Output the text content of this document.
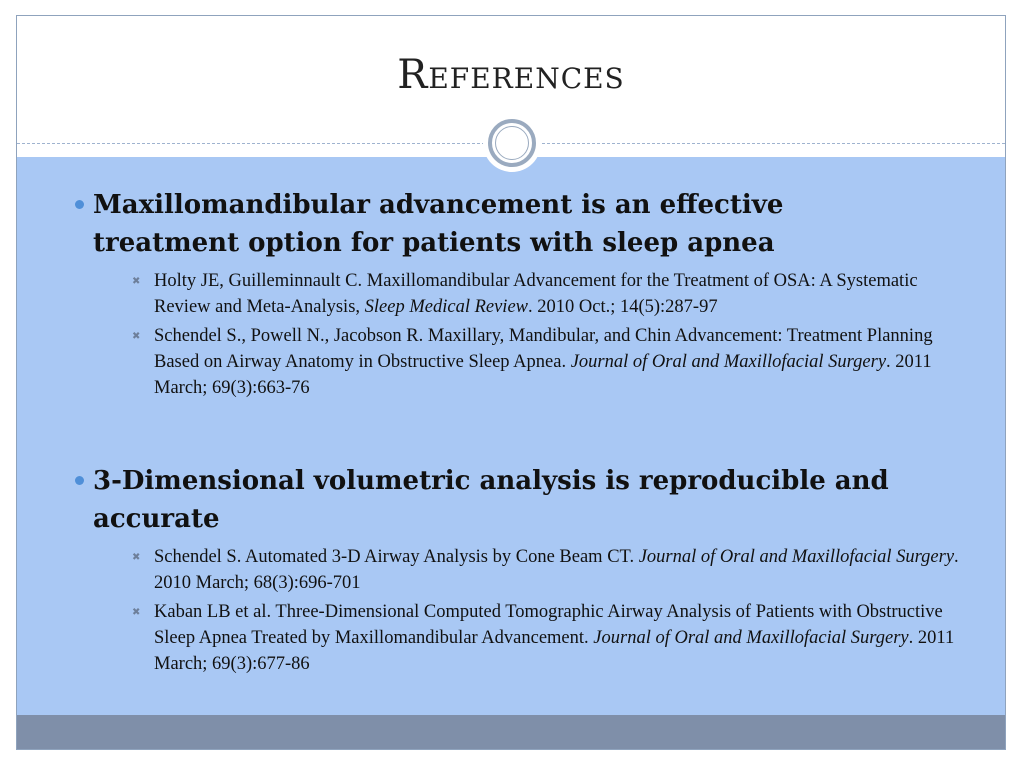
References
Maxillomandibular advancement is an effective treatment option for patients with sleep apnea
✖ Holty JE, Guilleminnault C. Maxillomandibular Advancement for the Treatment of OSA: A Systematic Review and Meta-Analysis, Sleep Medical Review. 2010 Oct.; 14(5):287-97
✖ Schendel S., Powell N., Jacobson R. Maxillary, Mandibular, and Chin Advancement: Treatment Planning Based on Airway Anatomy in Obstructive Sleep Apnea. Journal of Oral and Maxillofacial Surgery. 2011 March; 69(3):663-76
3-Dimensional volumetric analysis is reproducible and accurate
✖ Schendel S. Automated 3-D Airway Analysis by Cone Beam CT. Journal of Oral and Maxillofacial Surgery. 2010 March; 68(3):696-701
✖ Kaban LB et al. Three-Dimensional Computed Tomographic Airway Analysis of Patients with Obstructive Sleep Apnea Treated by Maxillomandibular Advancement. Journal of Oral and Maxillofacial Surgery. 2011 March; 69(3):677-86
